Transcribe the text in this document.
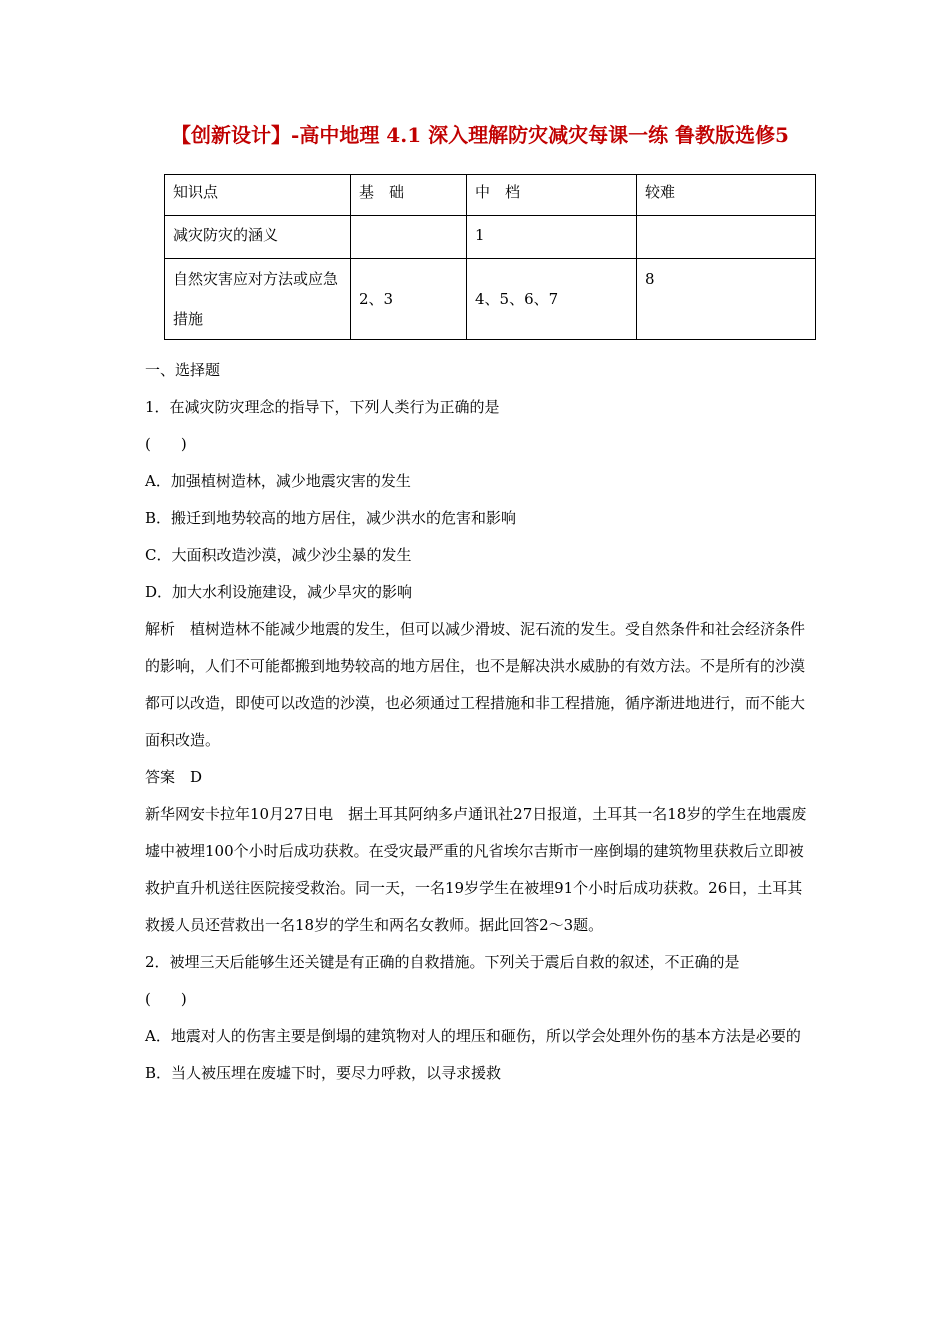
【创新设计】-高中地理 4.1 深入理解防灾减灾每课一练 鲁教版选修5
知识点	基　础	中　档	较难
减灾防灾的涵义		1	
自然灾害应对方法或应急措施	2、3	4、5、6、7	8

一、选择题

1．在减灾防灾理念的指导下，下列人类行为正确的是

(　　)

A．加强植树造林，减少地震灾害的发生

B．搬迁到地势较高的地方居住，减少洪水的危害和影响

C．大面积改造沙漠，减少沙尘暴的发生

D．加大水利设施建设，减少旱灾的影响

解析　植树造林不能减少地震的发生，但可以减少滑坡、泥石流的发生。受自然条件和社会经济条件的影响，人们不可能都搬到地势较高的地方居住，也不是解决洪水威胁的有效方法。不是所有的沙漠都可以改造，即使可以改造的沙漠，也必须通过工程措施和非工程措施，循序渐进地进行，而不能大面积改造。

答案　D

新华网安卡拉年10月27日电　据土耳其阿纳多卢通讯社27日报道，土耳其一名18岁的学生在地震废墟中被埋100个小时后成功获救。在受灾最严重的凡省埃尔吉斯市一座倒塌的建筑物里获救后立即被救护直升机送往医院接受救治。同一天，一名19岁学生在被埋91个小时后成功获救。26日，土耳其救援人员还营救出一名18岁的学生和两名女教师。据此回答2～3题。

2．被埋三天后能够生还关键是有正确的自救措施。下列关于震后自救的叙述，不正确的是

(　　)

A．地震对人的伤害主要是倒塌的建筑物对人的埋压和砸伤，所以学会处理外伤的基本方法是必要的

B．当人被压埋在废墟下时，要尽力呼救，以寻求援救
